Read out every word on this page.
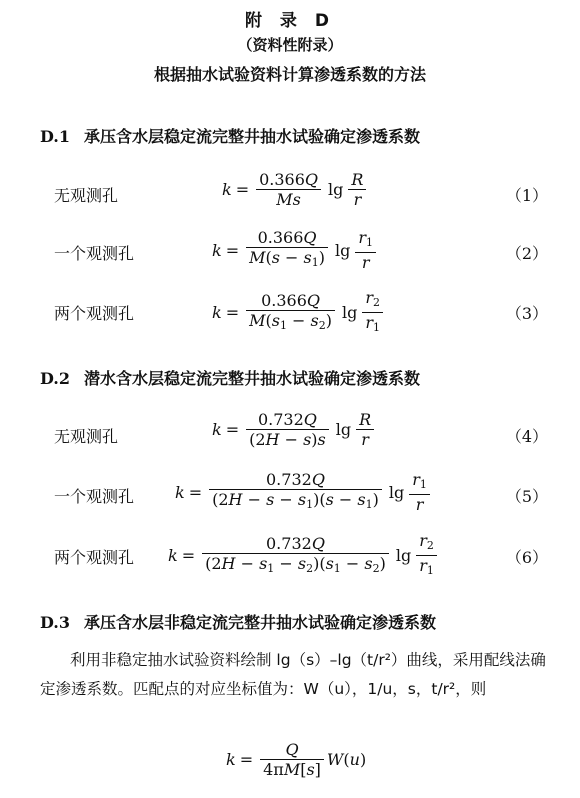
附 录 D
（资料性附录）
根据抽水试验资料计算渗透系数的方法
D.1 承压含水层稳定流完整井抽水试验确定渗透系数
无观测孔	$k = \frac{0.366Q}{Ms}$ $\lg \frac{R}{r}$	（1）
一个观测孔	$k = \frac{0.366Q}{M(s - s_1)}$ $\lg \frac{r_1}{r}$	（2）
两个观测孔	$k = \frac{0.366Q}{M(s_1 - s_2)}$ $\lg \frac{r_2}{r_1}$	（3）
D.2 潜水含水层稳定流完整井抽水试验确定渗透系数
无观测孔	$k = \frac{0.732Q}{(2H - s)s}$ $\lg \frac{R}{r}$	（4）
一个观测孔	$k = \frac{0.732Q}{(2H - s - s_1)(s - s_1)}$ $\lg \frac{r_1}{r}$	（5）
两个观测孔 $k = \frac{0.732Q}{(2H - s_1 - s_2)(s_1 - s_2)}$ $\lg \frac{r_2}{r_1}$	（6）
D.3 承压含水层非稳定流完整井抽水试验确定渗透系数
利用非稳定抽水试验资料绘制 lg（s）–lg（t/r²）曲线，采用配线法确定渗透系数。匹配点的对应坐标值为：W（u），1/u，s，t/r²，则
$k = \frac{Q}{4\pi M[s]}$ W ( u )
